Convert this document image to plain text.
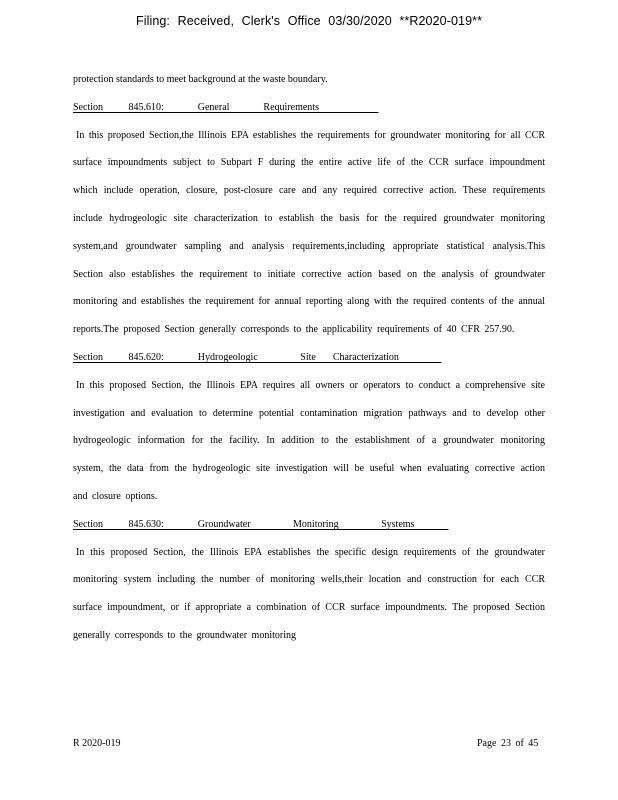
Filing: Received, Clerk's Office 03/30/2020 **R2020-019**

protection standards to meet background at the waste boundary.

Section   845.610:    General    Requirements

In this proposed Section,the Illinois EPA establishes the requirements for groundwater monitoring for all CCR surface impoundments subject to Subpart F during the entire active life of the CCR surface impoundment which include operation, closure, post-closure care and any required corrective action. These requirements include hydrogeologic site characterization to establish the basis for the required groundwater monitoring system,and groundwater sampling and analysis requirements,including appropriate statistical analysis.This Section also establishes the requirement to initiate corrective action based on the analysis of groundwater monitoring and establishes the requirement for annual reporting along with the required contents of the annual reports.The proposed Section generally corresponds to the applicability requirements of 40 CFR 257.90.

Section   845.620:    Hydrogeologic     Site  Characterization

In this proposed Section, the Illinois EPA requires all owners or operators to conduct a comprehensive site investigation and evaluation to determine potential contamination migration pathways and to develop other hydrogeologic information for the facility. In addition to the establishment of a groundwater monitoring system, the data from the hydrogeologic site investigation will be useful when evaluating corrective action and closure options.

Section   845.630:    Groundwater     Monitoring     Systems

In this proposed Section, the Illinois EPA establishes the specific design requirements of the groundwater monitoring system including the number of monitoring wells,their location and construction for each CCR surface impoundment, or if appropriate a combination of CCR surface impoundments. The proposed Section generally corresponds to the groundwater monitoring

R 2020-019	Page 23 of 45
